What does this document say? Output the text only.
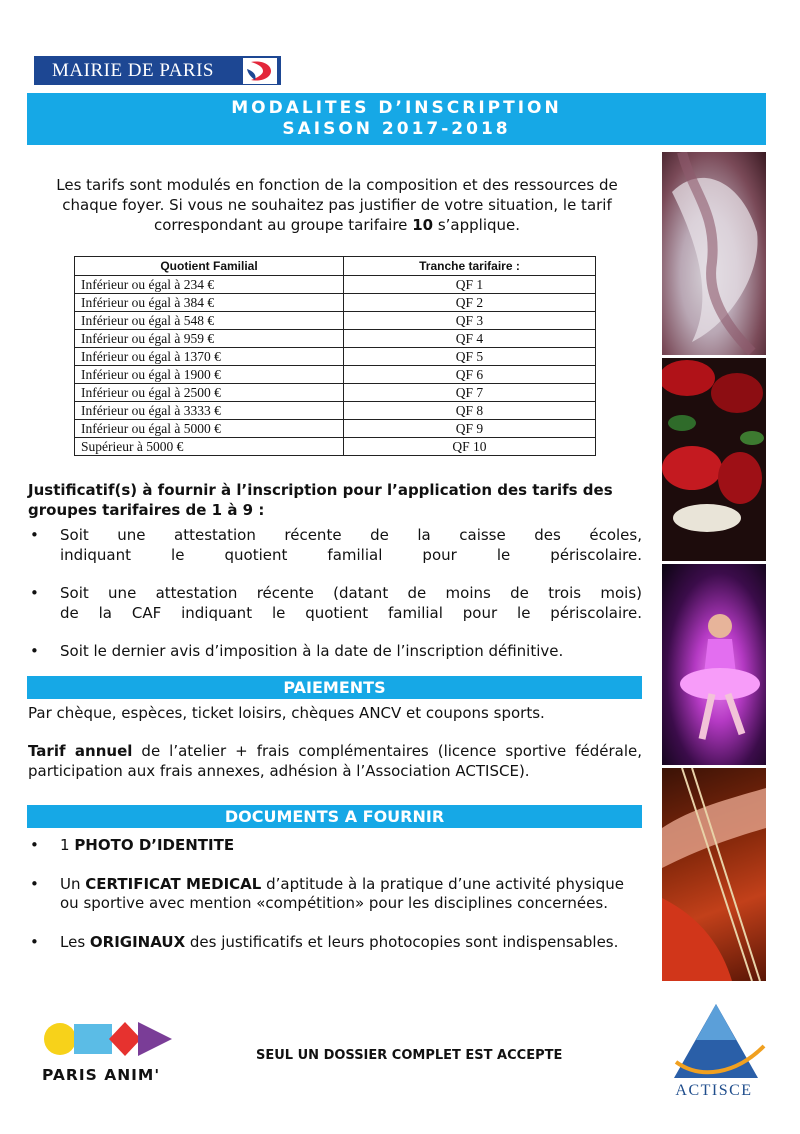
MAIRIE DE PARIS
MODALITES D’INSCRIPTION
SAISON 2017-2018
Les tarifs sont modulés en fonction de la composition et des ressources de chaque foyer. Si vous ne souhaitez pas justifier de votre situation, le tarif correspondant au groupe tarifaire 10 s’applique.
Quotient Familial	Tranche tarifaire :
Inférieur ou égal à 234 €	QF 1
Inférieur ou égal à 384 €	QF 2
Inférieur ou égal à 548 €	QF 3
Inférieur ou égal à 959 €	QF 4
Inférieur ou égal à 1370 €	QF 5
Inférieur ou égal à 1900 €	QF 6
Inférieur ou égal à 2500 €	QF 7
Inférieur ou égal à 3333 €	QF 8
Inférieur ou égal à 5000 €	QF 9
Supérieur à 5000 €	QF 10
Justificatif(s) à fournir à l’inscription pour l’application des tarifs des groupes tarifaires de 1 à 9 :
• Soit une attestation récente de la caisse des écoles,
indiquant le quotient familial pour le périscolaire.
• Soit une attestation récente (datant de moins de trois mois)
de la CAF indiquant le quotient familial pour le périscolaire.
• Soit le dernier avis d’imposition à la date de l’inscription définitive.
PAIEMENTS
Par chèque, espèces, ticket loisirs, chèques ANCV et coupons sports.
Tarif annuel de l’atelier + frais complémentaires (licence sportive fédérale, participation aux frais annexes, adhésion à l’Association ACTISCE).
DOCUMENTS A FOURNIR
• 1 PHOTO D’IDENTITE
• Un CERTIFICAT MEDICAL d’aptitude à la pratique d’une activité physique ou sportive avec mention «compétition» pour les disciplines concernées.
• Les ORIGINAUX des justificatifs et leurs photocopies sont indispensables.
PARIS ANIM'
SEUL UN DOSSIER COMPLET EST ACCEPTE
ACTISCE
